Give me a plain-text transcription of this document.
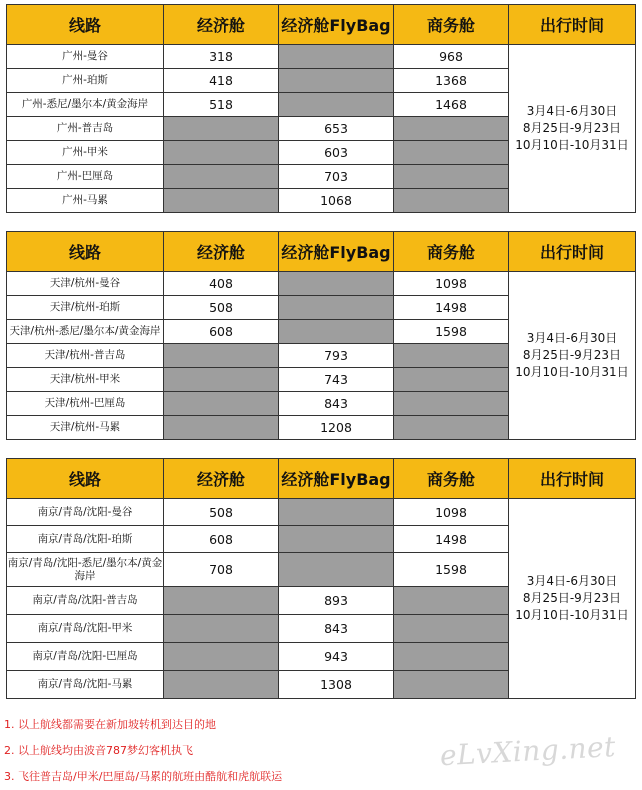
线路	经济舱	经济舱FlyBag	商务舱	出行时间
广州-曼谷	318		968	3月4日-6月30日
8月25日-9月23日
10月10日-10月31日

广州-珀斯	418		1368	
广州-悉尼/墨尔本/黄金海岸	518		1468	
广州-普吉岛		653		
广州-甲米		603		
广州-巴厘岛		703		
广州-马累		1068		
线路	经济舱	经济舱FlyBag	商务舱	出行时间
天津/杭州-曼谷	408		1098	3月4日-6月30日
8月25日-9月23日
10月10日-10月31日

天津/杭州-珀斯	508		1498	
天津/杭州-悉尼/墨尔本/黄金海岸	608		1598	
天津/杭州-普吉岛		793		
天津/杭州-甲米		743		
天津/杭州-巴厘岛		843		
天津/杭州-马累		1208		
线路	经济舱	经济舱FlyBag	商务舱	出行时间
南京/青岛/沈阳-曼谷	508		1098	3月4日-6月30日
8月25日-9月23日
10月10日-10月31日

南京/青岛/沈阳-珀斯	608		1498	
南京/青岛/沈阳-悉尼/墨尔本/黄金海岸	708		1598	
南京/青岛/沈阳-普吉岛		893		
南京/青岛/沈阳-甲米		843		
南京/青岛/沈阳-巴厘岛		943		
南京/青岛/沈阳-马累		1308		
1. 以上航线都需要在新加坡转机到达目的地
2. 以上航线均由波音787梦幻客机执飞
3. 飞往普吉岛/甲米/巴厘岛/马累的航班由酷航和虎航联运
eLvXing.net
